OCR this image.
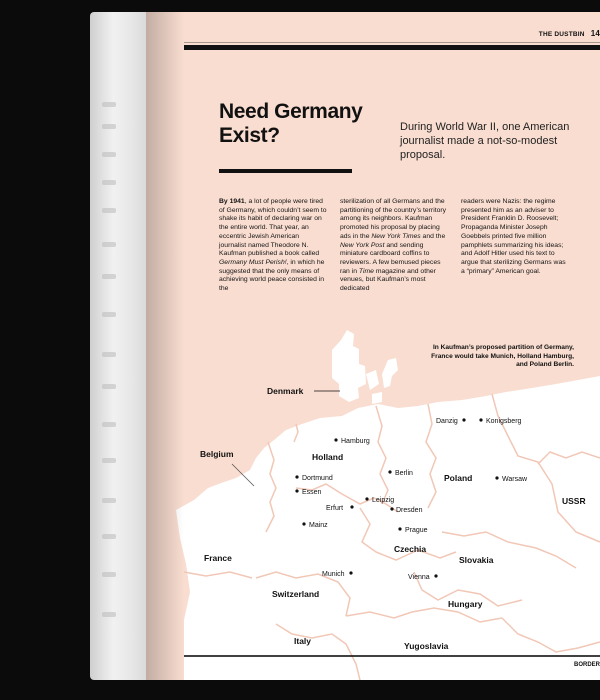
Denmark
Belgium	Holland
Poland
USSR
France
Czechia
Slovakia
Switzerland
Hungary
Italy	Yugoslavia
Danzig	Konigsberg
Hamburg
Berlin
Warsaw
Dortmund
Essen
Erfurt
Leipzig
Dresden
Mainz
Prague
Munich	Vienna
THE DUSTBIN 14
Need Germany Exist?	During World War II, one American journalist made a not-so-modest proposal.
By 1941, a lot of people were tired of Germany, which couldn’t seem to shake its habit of declaring war on the entire world. That year, an eccentric Jewish American journalist named Theodore N. Kaufman published a book called Germany Must Perish!, in which he suggested that the only means of achieving world peace consisted in the
sterilization of all Germans and the partitioning of the country’s territory among its neighbors. Kaufman promoted his proposal by placing ads in the New York Times and the New York Post and sending miniature cardboard coffins to reviewers. A few bemused pieces ran in Time magazine and other venues, but Kaufman’s most dedicated
readers were Nazis: the regime presented him as an adviser to President Franklin D. Roosevelt; Propaganda Minister Joseph Goebbels printed five million pamphlets summarizing his ideas; and Adolf Hitler used his text to argue that sterilizing Germans was a “primary” American goal.
In Kaufman’s proposed partition of Germany, France would take Munich, Holland Hamburg, and Poland Berlin.
BORDER
